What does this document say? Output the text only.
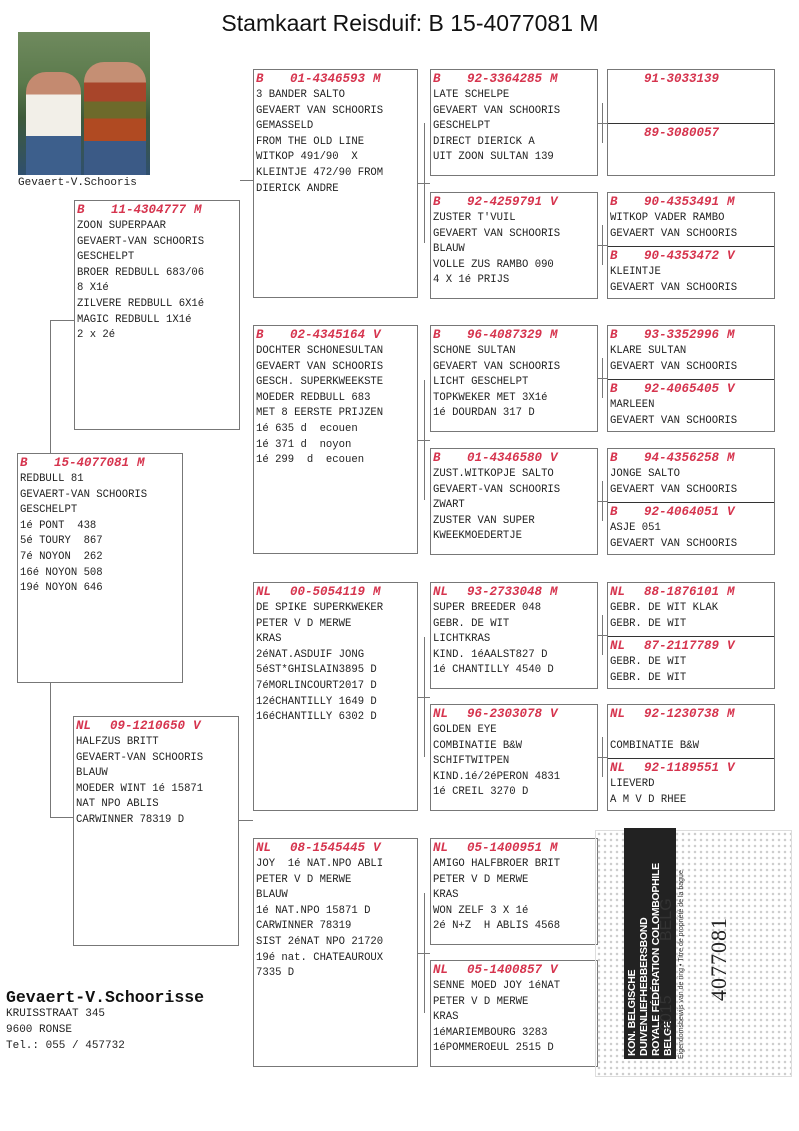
Stamkaart Reisduif: B 15-4077081 M
Gevaert-V.Schooris
B 15-4077081 M
REDBULL 81
GEVAERT-VAN SCHOORIS
GESCHELPT
1é PONT  438
5é TOURY  867
7é NOYON  262
16é NOYON 508
19é NOYON 646
B 11-4304777 M
ZOON SUPERPAAR
GEVAERT-VAN SCHOORIS
GESCHELPT
BROER REDBULL 683/06
8 X1é
ZILVERE REDBULL 6X1é
MAGIC REDBULL 1X1é
2 x 2é
NL 09-1210650 V
HALFZUS BRITT
GEVAERT-VAN SCHOORIS
BLAUW
MOEDER WINT 1é 15871
NAT NPO ABLIS
CARWINNER 78319 D
B 01-4346593 M
3 BANDER SALTO
GEVAERT VAN SCHOORIS
GEMASSELD
FROM THE OLD LINE
WITKOP 491/90  X
KLEINTJE 472/90 FROM
DIERICK ANDRE
B 02-4345164 V
DOCHTER SCHONESULTAN
GEVAERT VAN SCHOORIS
GESCH. SUPERKWEEKSTE
MOEDER REDBULL 683
MET 8 EERSTE PRIJZEN
1é 635 d  ecouen
1é 371 d  noyon
1é 299  d  ecouen
NL 00-5054119 M
DE SPIKE SUPERKWEKER
PETER V D MERWE
KRAS
2éNAT.ASDUIF JONG
5éST*GHISLAIN3895 D
7éMORLINCOURT2017 D
12éCHANTILLY 1649 D
16éCHANTILLY 6302 D
NL 08-1545445 V
JOY  1é NAT.NPO ABLI
PETER V D MERWE
BLAUW
1é NAT.NPO 15871 D
CARWINNER 78319
SIST 2éNAT NPO 21720
19é nat. CHATEAUROUX
7335 D
B 92-3364285 M
LATE SCHELPE
GEVAERT VAN SCHOORIS
GESCHELPT
DIRECT DIERICK A
UIT ZOON SULTAN 139
B 92-4259791 V
ZUSTER T'VUIL
GEVAERT VAN SCHOORIS
BLAUW
VOLLE ZUS RAMBO 090
4 X 1é PRIJS
B 96-4087329 M
SCHONE SULTAN
GEVAERT VAN SCHOORIS
LICHT GESCHELPT
TOPKWEKER MET 3X1é
1é DOURDAN 317 D
B 01-4346580 V
ZUST.WITKOPJE SALTO
GEVAERT-VAN SCHOORIS
ZWART
ZUSTER VAN SUPER
KWEEKMOEDERTJE
NL 93-2733048 M
SUPER BREEDER 048
GEBR. DE WIT
LICHTKRAS
KIND. 1éAALST827 D
1é CHANTILLY 4540 D
NL 96-2303078 V
GOLDEN EYE
COMBINATIE B&W
SCHIFTWITPEN
KIND.1é/2éPERON 4831
1é CREIL 3270 D
NL 05-1400951 M
AMIGO HALFBROER BRIT
PETER V D MERWE
KRAS
WON ZELF 3 X 1é
2é N+Z  H ABLIS 4568
NL 05-1400857 V
SENNE MOED JOY 1éNAT
PETER V D MERWE
KRAS
1éMARIEMBOURG 3283
1éPOMMEROEUL 2515 D
91-3033139
89-3080057
B 90-4353491 M
WITKOP VADER RAMBO
GEVAERT VAN SCHOORIS
B 90-4353472 V
KLEINTJE
GEVAERT VAN SCHOORIS
B 93-3352996 M
KLARE SULTAN
GEVAERT VAN SCHOORIS
B 92-4065405 V
MARLEEN
GEVAERT VAN SCHOORIS
B 94-4356258 M
JONGE SALTO
GEVAERT VAN SCHOORIS
B 92-4064051 V
ASJE 051
GEVAERT VAN SCHOORIS
NL 88-1876101 M
GEBR. DE WIT KLAK
GEBR. DE WIT
NL 87-2117789 V
GEBR. DE WIT
GEBR. DE WIT
NL 92-1230738 M

COMBINATIE B&W
NL 92-1189551 V
LIEVERD
A M V D RHEE
Gevaert-V.Schoorisse
KRUISSTRAAT 345
9600 RONSE
Tel.: 055 / 457732	KON. BELGISCHE DUIVENLIEFHEBBERSBOND ROYALE FÉDÉRATION COLOMBOPHILE BELGE
2015
BELG Eigendomsbewijs van de ring • Titre de propriété de la bague 4077081
